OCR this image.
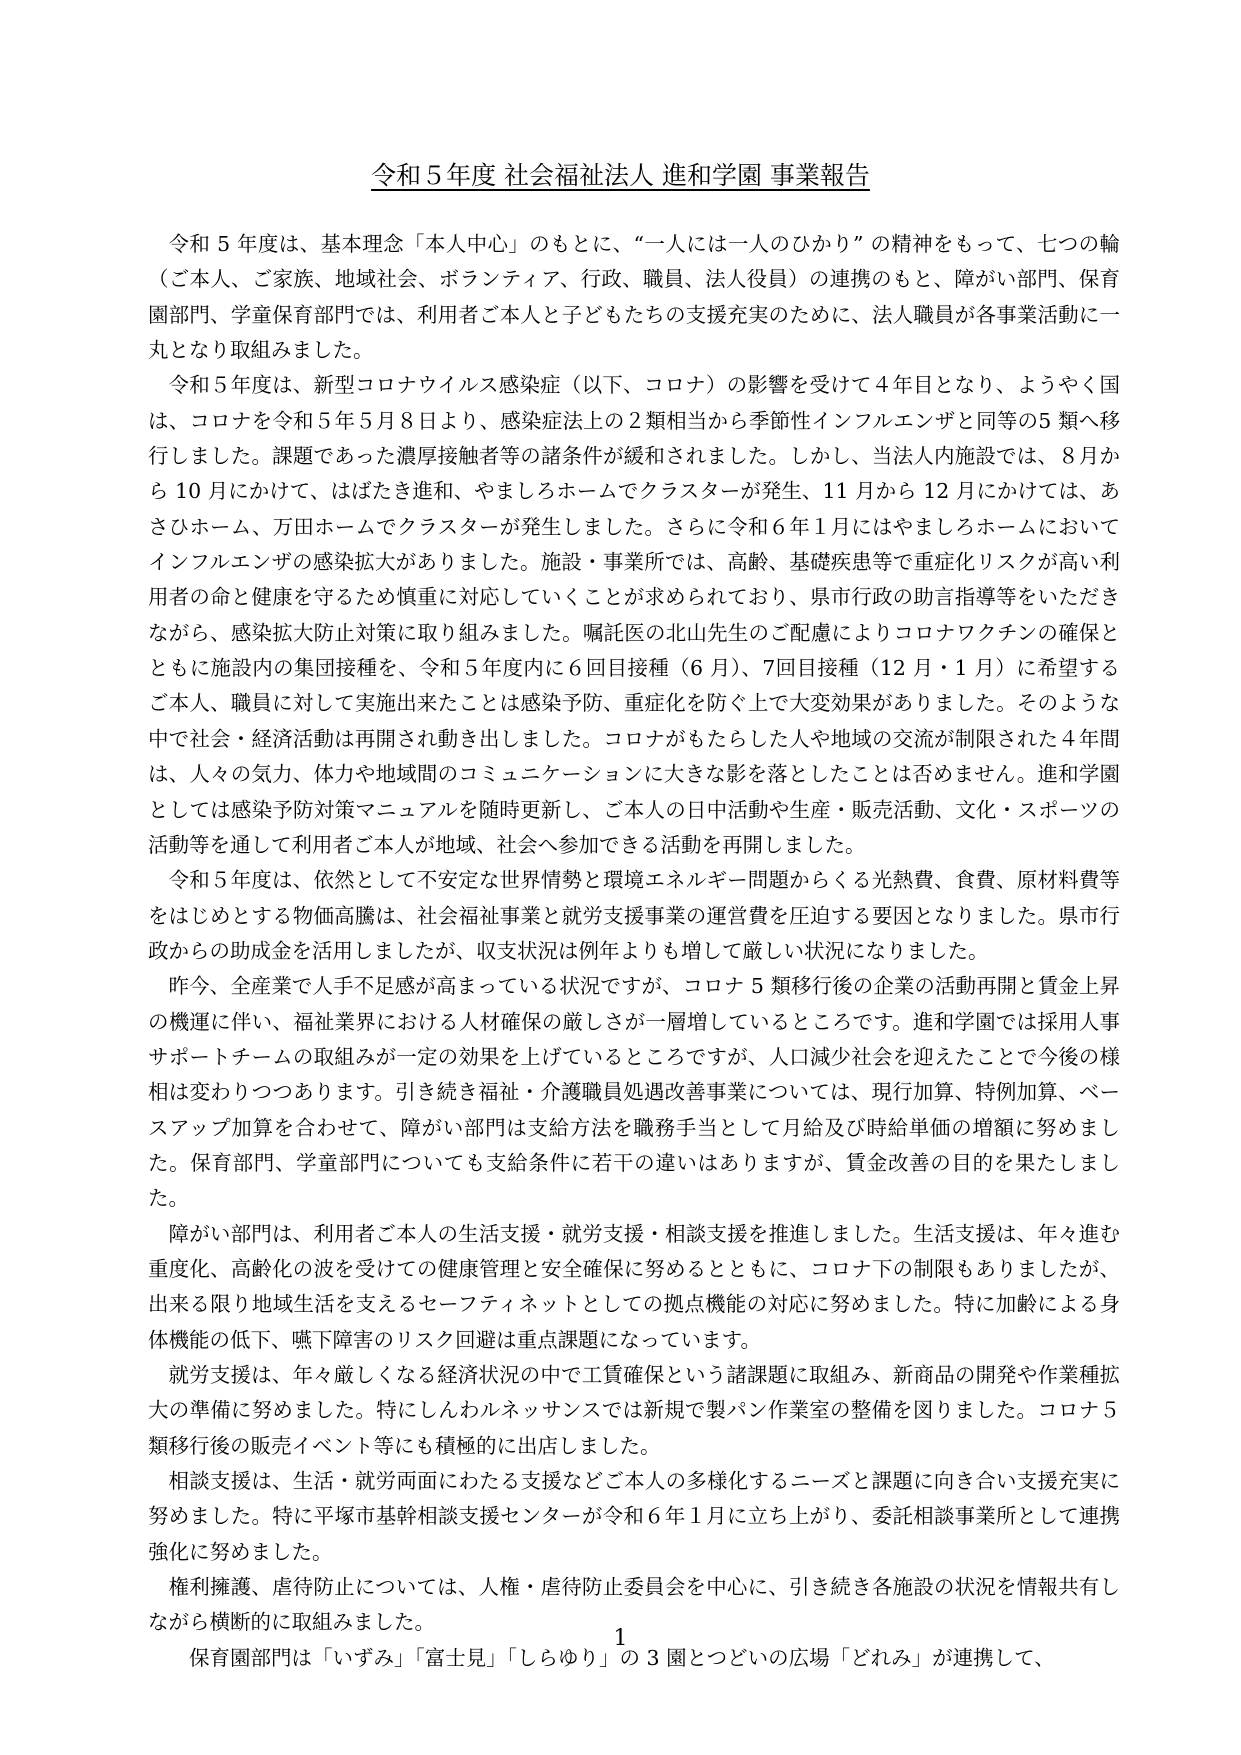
令和５年度 社会福祉法人 進和学園 事業報告

令和 5 年度は、基本理念「本人中心」のもとに、“一人には一人のひかり” の精神をもって、七つの輪（ご本人、ご家族、地域社会、ボランティア、行政、職員、法人役員）の連携のもと、障がい部門、保育園部門、学童保育部門では、利用者ご本人と子どもたちの支援充実のために、法人職員が各事業活動に一丸となり取組みました。

令和５年度は、新型コロナウイルス感染症（以下、コロナ）の影響を受けて４年目となり、ようやく国は、コロナを令和５年５月８日より、感染症法上の２類相当から季節性インフルエンザと同等の5 類へ移行しました。課題であった濃厚接触者等の諸条件が緩和されました。しかし、当法人内施設では、８月から 10 月にかけて、はばたき進和、やましろホームでクラスターが発生、11 月から 12 月にかけては、あさひホーム、万田ホームでクラスターが発生しました。さらに令和６年１月にはやましろホームにおいてインフルエンザの感染拡大がありました。施設・事業所では、高齢、基礎疾患等で重症化リスクが高い利用者の命と健康を守るため慎重に対応していくことが求められており、県市行政の助言指導等をいただきながら、感染拡大防止対策に取り組みました。嘱託医の北山先生のご配慮によりコロナワクチンの確保とともに施設内の集団接種を、令和５年度内に６回目接種（6 月）、7回目接種（12 月・1 月）に希望するご本人、職員に対して実施出来たことは感染予防、重症化を防ぐ上で大変効果がありました。そのような中で社会・経済活動は再開され動き出しました。コロナがもたらした人や地域の交流が制限された４年間は、人々の気力、体力や地域間のコミュニケーションに大きな影を落としたことは否めません。進和学園としては感染予防対策マニュアルを随時更新し、ご本人の日中活動や生産・販売活動、文化・スポーツの活動等を通して利用者ご本人が地域、社会へ参加できる活動を再開しました。

令和５年度は、依然として不安定な世界情勢と環境エネルギー問題からくる光熱費、食費、原材料費等をはじめとする物価高騰は、社会福祉事業と就労支援事業の運営費を圧迫する要因となりました。県市行政からの助成金を活用しましたが、収支状況は例年よりも増して厳しい状況になりました。

昨今、全産業で人手不足感が高まっている状況ですが、コロナ 5 類移行後の企業の活動再開と賃金上昇の機運に伴い、福祉業界における人材確保の厳しさが一層増しているところです。進和学園では採用人事サポートチームの取組みが一定の効果を上げているところですが、人口減少社会を迎えたことで今後の様相は変わりつつあります。引き続き福祉・介護職員処遇改善事業については、現行加算、特例加算、ベースアップ加算を合わせて、障がい部門は支給方法を職務手当として月給及び時給単価の増額に努めました。保育部門、学童部門についても支給条件に若干の違いはありますが、賃金改善の目的を果たしました。

障がい部門は、利用者ご本人の生活支援・就労支援・相談支援を推進しました。生活支援は、年々進む重度化、高齢化の波を受けての健康管理と安全確保に努めるとともに、コロナ下の制限もありましたが、出来る限り地域生活を支えるセーフティネットとしての拠点機能の対応に努めました。特に加齢による身体機能の低下、嚥下障害のリスク回避は重点課題になっています。

就労支援は、年々厳しくなる経済状況の中で工賃確保という諸課題に取組み、新商品の開発や作業種拡大の準備に努めました。特にしんわルネッサンスでは新規で製パン作業室の整備を図りました。コロナ５類移行後の販売イベント等にも積極的に出店しました。

相談支援は、生活・就労両面にわたる支援などご本人の多様化するニーズと課題に向き合い支援充実に努めました。特に平塚市基幹相談支援センターが令和６年１月に立ち上がり、委託相談事業所として連携強化に努めました。

権利擁護、虐待防止については、人権・虐待防止委員会を中心に、引き続き各施設の状況を情報共有しながら横断的に取組みました。

保育園部門は「いずみ」「富士見」「しらゆり」の 3 園とつどいの広場「どれみ」が連携して、

1
